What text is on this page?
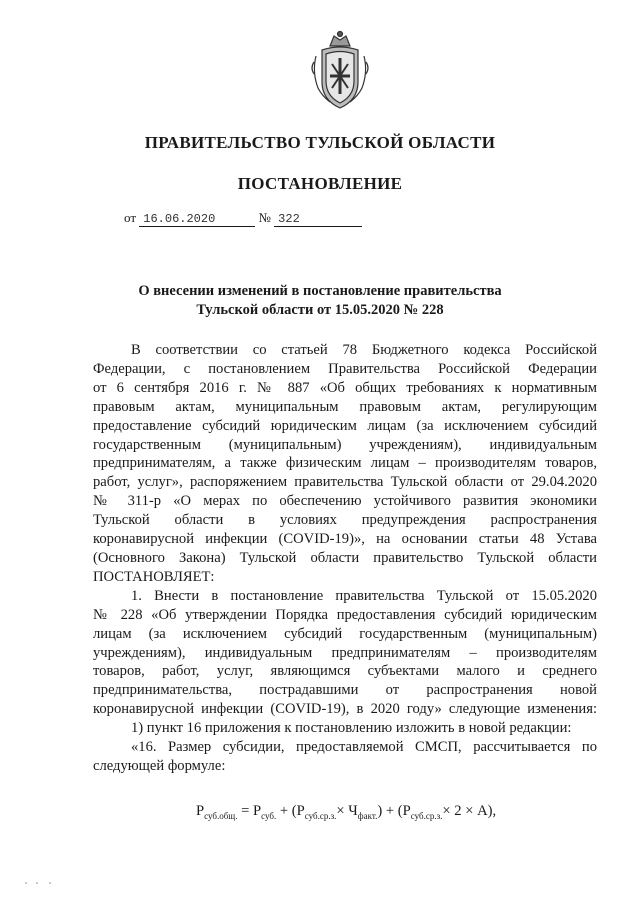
ПРАВИТЕЛЬСТВО ТУЛЬСКОЙ ОБЛАСТИ
ПОСТАНОВЛЕНИЕ
от 16.06.2020	№ 322
О внесении изменений в постановление правительства
Тульской области от 15.05.2020 № 228

В соответствии со статьей 78 Бюджетного кодекса Российской

Федерации, с постановлением Правительства Российской Федерации

от 6 сентября 2016 г. № 887 «Об общих требованиях к нормативным

правовым актам, муниципальным правовым актам, регулирующим

предоставление субсидий юридическим лицам (за исключением субсидий

государственным (муниципальным) учреждениям), индивидуальным

предпринимателям, а также физическим лицам – производителям товаров,

работ, услуг», распоряжением правительства Тульской области от 29.04.2020

№ 311-р «О мерах по обеспечению устойчивого развития экономики

Тульской области в условиях предупреждения распространения

коронавирусной инфекции (COVID-19)», на основании статьи 48 Устава

(Основного Закона) Тульской области правительство Тульской области

ПОСТАНОВЛЯЕТ:

1. Внести в постановление правительства Тульской от 15.05.2020

№ 228 «Об утверждении Порядка предоставления субсидий юридическим

лицам (за исключением субсидий государственным (муниципальным)

учреждениям), индивидуальным предпринимателям – производителям

товаров, работ, услуг, являющимся субъектами малого и среднего

предпринимательства, пострадавшими от распространения новой

коронавирусной инфекции (COVID-19), в 2020 году» следующие изменения:

1) пункт 16 приложения к постановлению изложить в новой редакции:

«16. Размер субсидии, предоставляемой СМСП, рассчитывается по

следующей формуле:

$P_{суб.общ.} = P_{суб.} + (P_{суб.ср.з.}\times Ч_{факт.}) + (P_{суб.ср.з.}\times 2 \times А)$,
